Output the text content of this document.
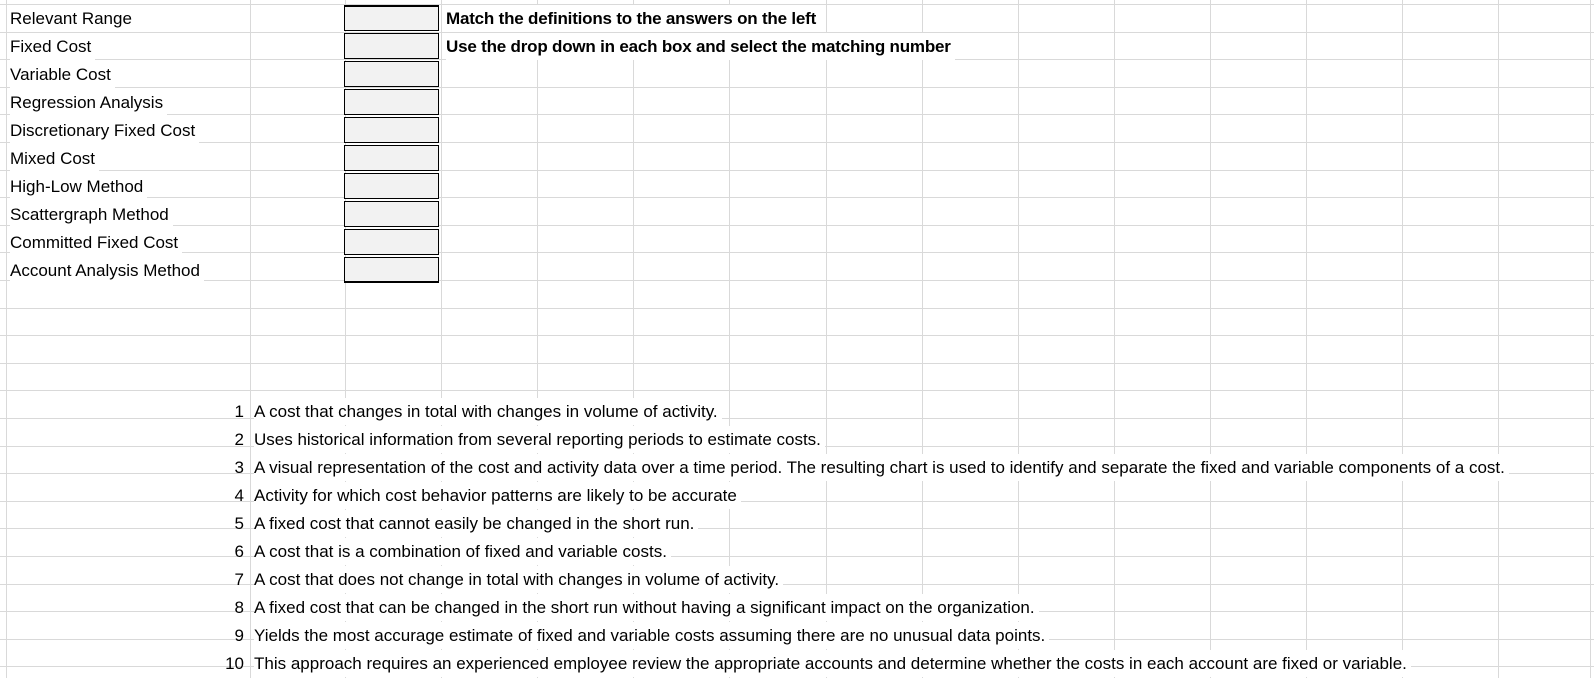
Relevant Range
Fixed Cost
Variable Cost
Regression Analysis
Discretionary Fixed Cost
Mixed Cost
High-Low Method
Scattergraph Method
Committed Fixed Cost
Account Analysis Method
Match the definitions to the answers on the left
Use the drop down in each box and select the matching number
1 A cost that changes in total with changes in volume of activity.
2 Uses historical information from several reporting periods to estimate costs.
3 A visual representation of the cost and activity data over a time period. The resulting chart is used to identify and separate the fixed and variable components of a cost.
4 Activity for which cost behavior patterns are likely to be accurate
5 A fixed cost that cannot easily be changed in the short run.
6 A cost that is a combination of fixed and variable costs.
7 A cost that does not change in total with changes in volume of activity.
8 A fixed cost that can be changed in the short run without having a significant impact on the organization.
9 Yields the most accurage estimate of fixed and variable costs assuming there are no unusual data points.
10 This approach requires an experienced employee review the appropriate accounts and determine whether the costs in each account are fixed or variable.
